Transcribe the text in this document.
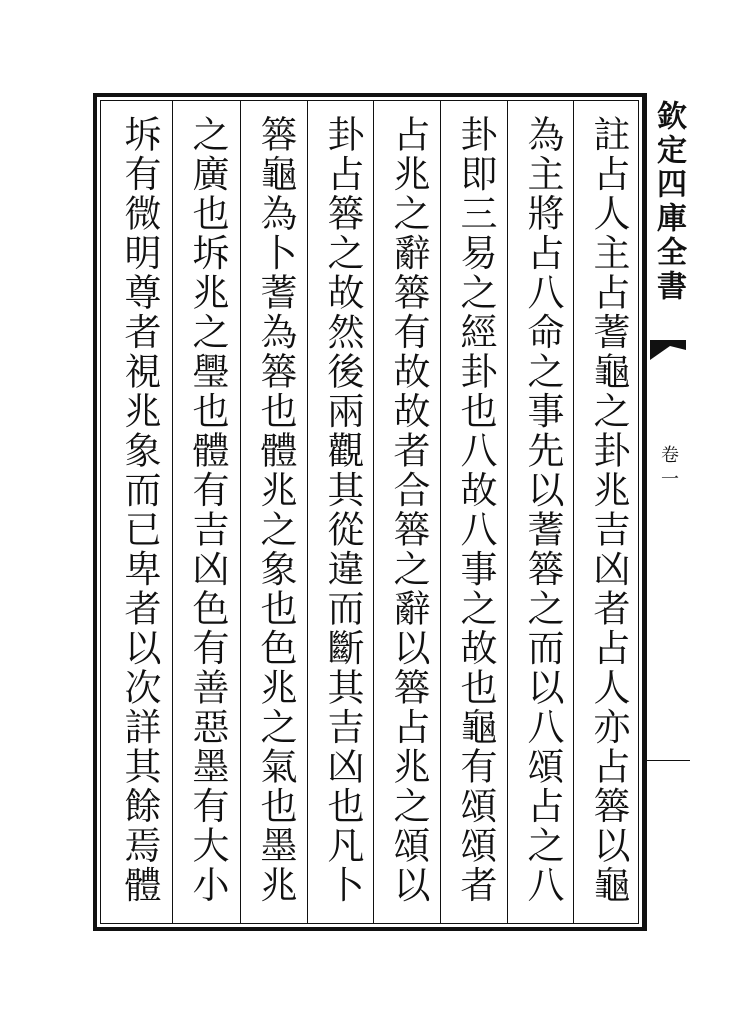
註占人主占蓍龜之卦兆吉凶者占人亦占簭以龜
為主將占八命之事先以蓍簭之而以八頌占之八
卦即三易之經卦也八故八事之故也龜有頌頌者
占兆之辭簭有故故者合簭之辭以簭占兆之頌以
卦占簭之故然後兩觀其從違而斷其吉凶也凡卜
簭龜為卜蓍為簭也體兆之象也色兆之氣也墨兆
之廣也坼兆之璺也體有吉凶色有善惡墨有大小
坼有微明尊者視兆象而已卑者以次詳其餘焉體	欽定四庫全書
卷一
